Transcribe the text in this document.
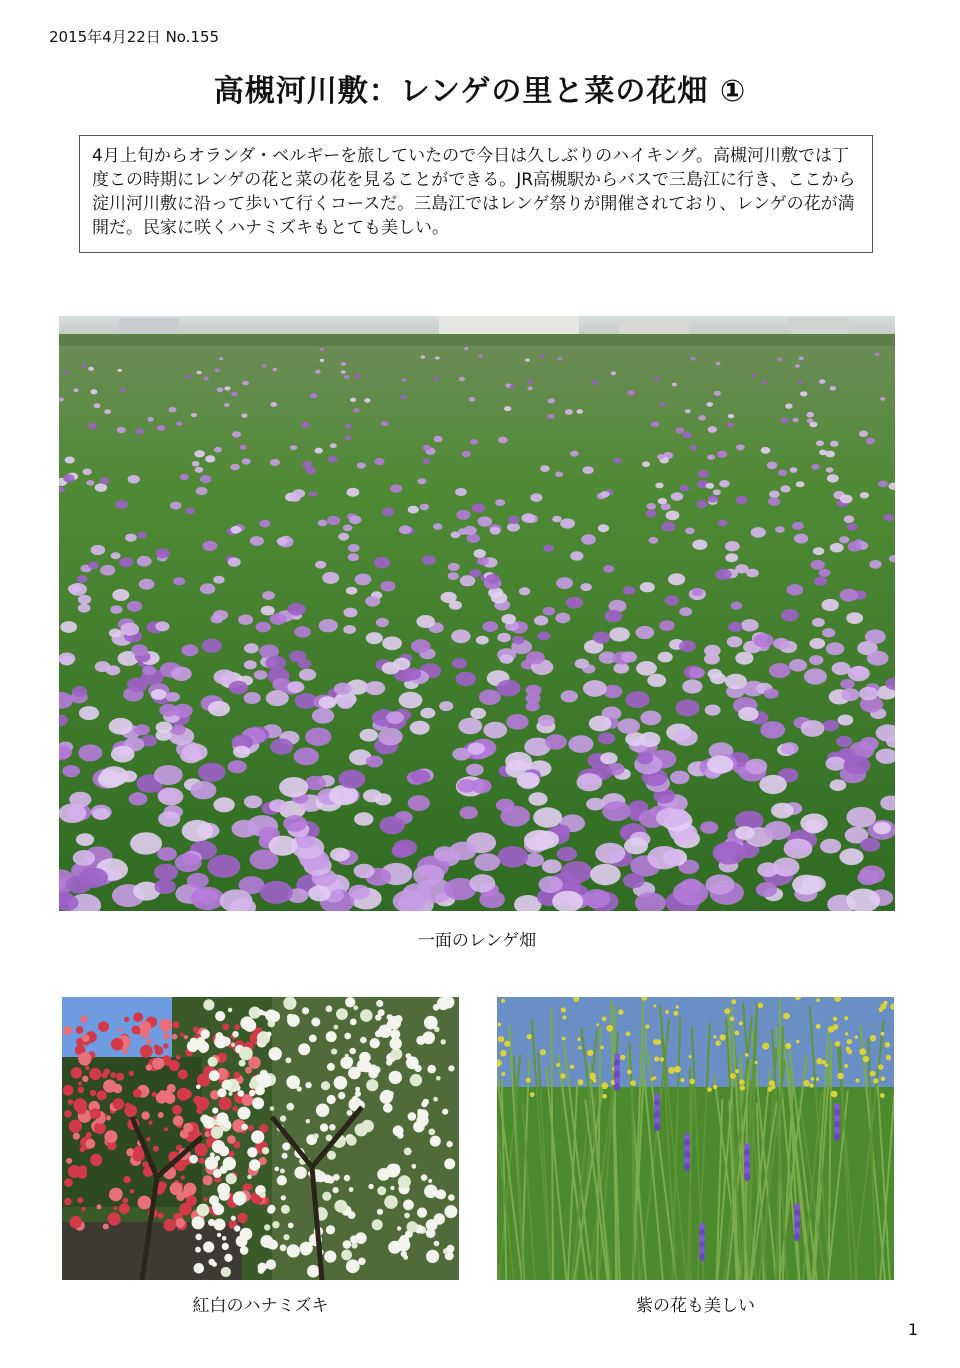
2015年4月22日 No.155
高槻河川敷：レンゲの里と菜の花畑 ①
4月上旬からオランダ・ベルギーを旅していたので今日は久しぶりのハイキング。高槻河川敷では丁度この時期にレンゲの花と菜の花を見ることができる。JR高槻駅からバスで三島江に行き、ここから淀川河川敷に沿って歩いて行くコースだ。三島江ではレンゲ祭りが開催されており、レンゲの花が満開だ。民家に咲くハナミズキもとても美しい。
一面のレンゲ畑
紅白のハナミズキ	紫の花も美しい
1
